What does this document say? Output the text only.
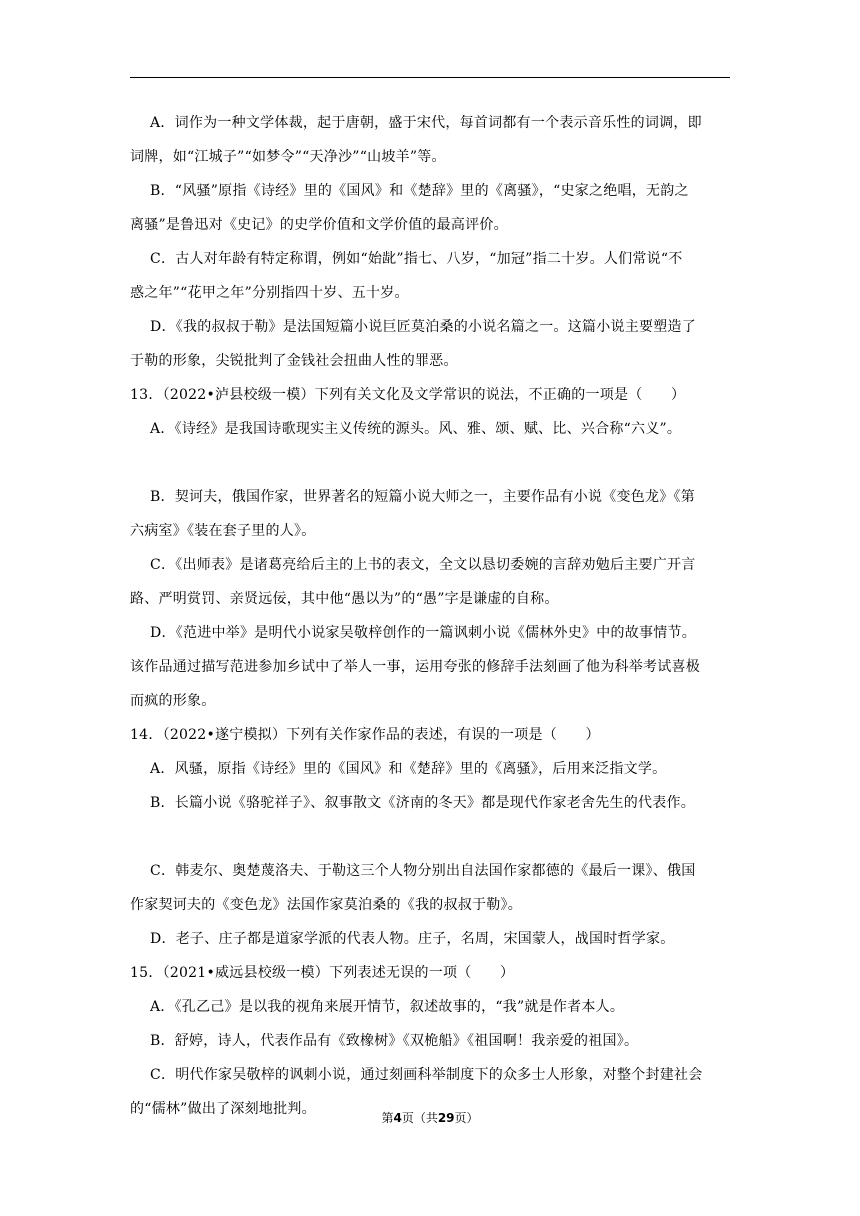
A．词作为一种文学体裁，起于唐朝，盛于宋代，每首词都有一个表示音乐性的词调，即
词牌，如“江城子”“如梦令”“天净沙”“山坡羊”等。
B．“风骚”原指《诗经》里的《国风》和《楚辞》里的《离骚》，“史家之绝唱，无韵之
离骚”是鲁迅对《史记》的史学价值和文学价值的最高评价。
C．古人对年龄有特定称谓，例如“始龀”指七、八岁，“加冠”指二十岁。人们常说“不
惑之年”“花甲之年”分别指四十岁、五十岁。
D．《我的叔叔于勒》是法国短篇小说巨匠莫泊桑的小说名篇之一。这篇小说主要塑造了
于勒的形象，尖锐批判了金钱社会扭曲人性的罪恶。
13．（2022•泸县校级一模）下列有关文化及文学常识的说法，不正确的一项是（　　）
A．《诗经》是我国诗歌现实主义传统的源头。风、雅、颂、赋、比、兴合称“六义”。
B．契诃夫，俄国作家，世界著名的短篇小说大师之一，主要作品有小说《变色龙》《第
六病室》《装在套子里的人》。
C．《出师表》是诸葛亮给后主的上书的表文，全文以恳切委婉的言辞劝勉后主要广开言
路、严明赏罚、亲贤远佞，其中他“愚以为”的“愚”字是谦虚的自称。
D．《范进中举》是明代小说家吴敬梓创作的一篇讽刺小说《儒林外史》中的故事情节。
该作品通过描写范进参加乡试中了举人一事，运用夸张的修辞手法刻画了他为科举考试喜极
而疯的形象。
14．（2022•遂宁模拟）下列有关作家作品的表述，有误的一项是（　　）
A．风骚，原指《诗经》里的《国风》和《楚辞》里的《离骚》，后用来泛指文学。
B．长篇小说《骆驼祥子》、叙事散文《济南的冬天》都是现代作家老舍先生的代表作。
C．韩麦尔、奥楚蔑洛夫、于勒这三个人物分别出自法国作家都德的《最后一课》、俄国
作家契诃夫的《变色龙》法国作家莫泊桑的《我的叔叔于勒》。
D．老子、庄子都是道家学派的代表人物。庄子，名周，宋国蒙人，战国时哲学家。
15．（2021•威远县校级一模）下列表述无误的一项（　　）
A．《孔乙己》是以我的视角来展开情节，叙述故事的，“我”就是作者本人。
B．舒婷，诗人，代表作品有《致橡树》《双桅船》《祖国啊！我亲爱的祖国》。
C．明代作家吴敬梓的讽刺小说，通过刻画科举制度下的众多士人形象，对整个封建社会
的“儒林”做出了深刻地批判。
第4页（共29页）
